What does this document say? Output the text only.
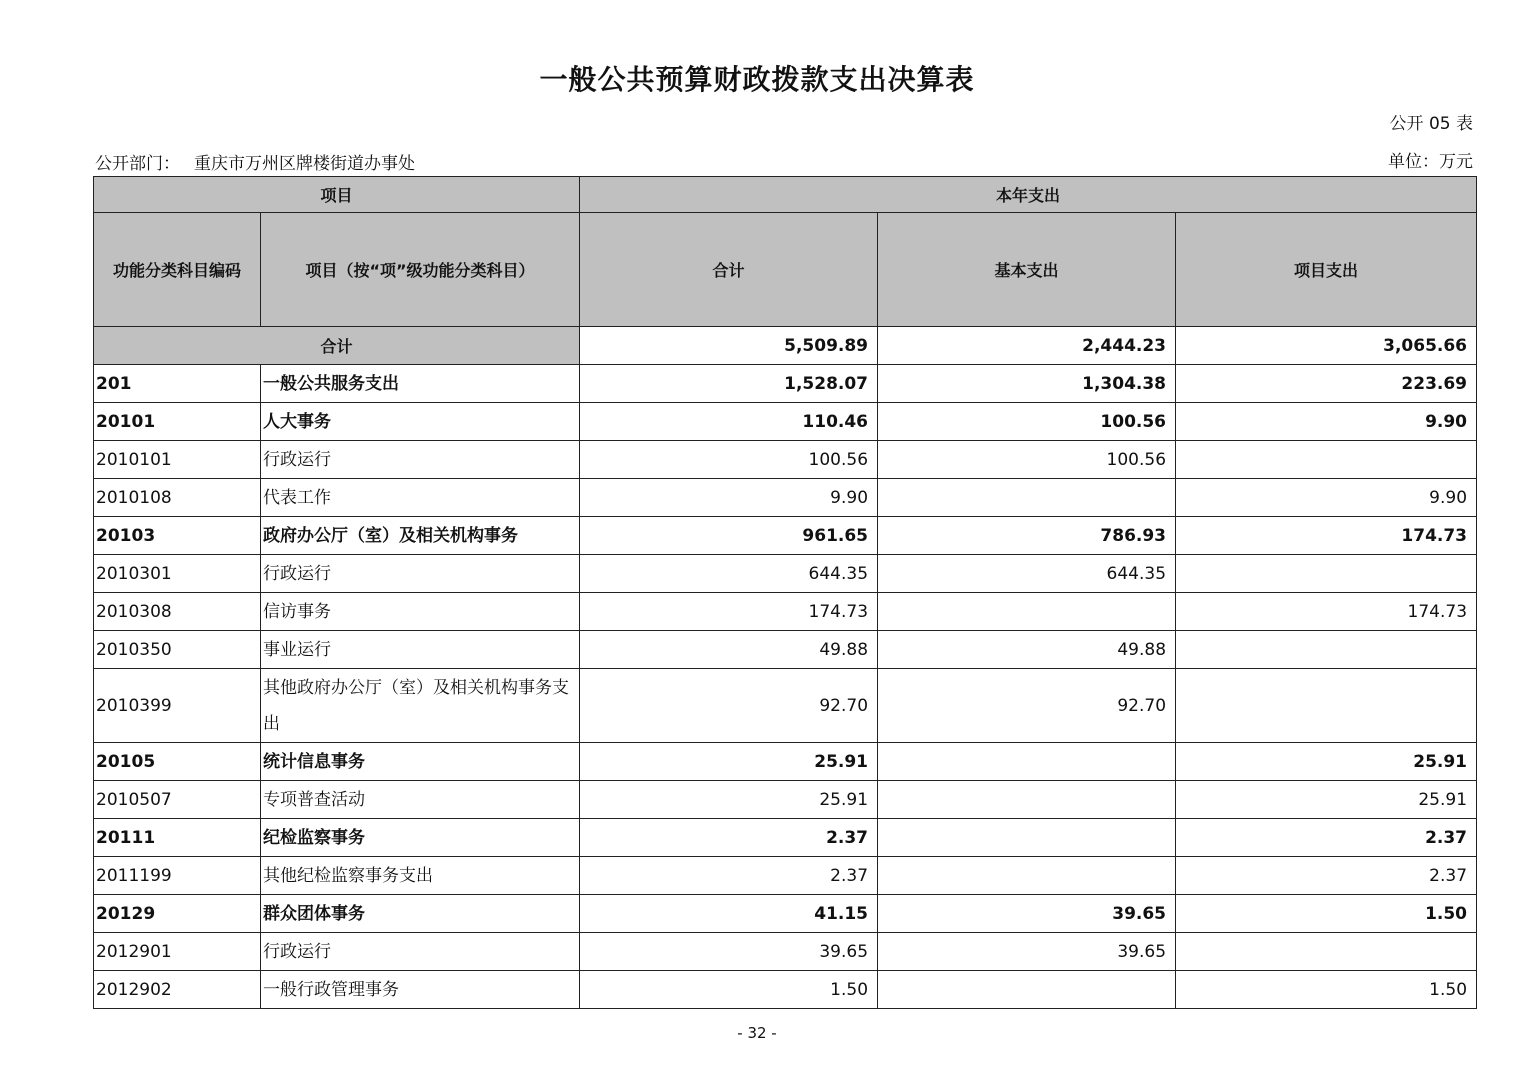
一般公共预算财政拨款支出决算表
公开 05 表
公开部门： 重庆市万州区牌楼街道办事处	单位：万元
项目		本年支出		
功能分类科目编码	项目（按“项”级功能分类科目）	合计	基本支出	项目支出
合计		5,509.89	2,444.23	3,065.66
201	一般公共服务支出	1,528.07	1,304.38	223.69
20101	人大事务	110.46	100.56	9.90
2010101	行政运行	100.56	100.56	
2010108	代表工作	9.90		9.90
20103	政府办公厅（室）及相关机构事务	961.65	786.93	174.73
2010301	行政运行	644.35	644.35	
2010308	信访事务	174.73		174.73
2010350	事业运行	49.88	49.88	
2010399	其他政府办公厅（室）及相关机构事务支出	92.70	92.70	
20105	统计信息事务	25.91		25.91
2010507	专项普查活动	25.91		25.91
20111	纪检监察事务	2.37		2.37
2011199	其他纪检监察事务支出	2.37		2.37
20129	群众团体事务	41.15	39.65	1.50
2012901	行政运行	39.65	39.65	
2012902	一般行政管理事务	1.50		1.50
- 32 -
